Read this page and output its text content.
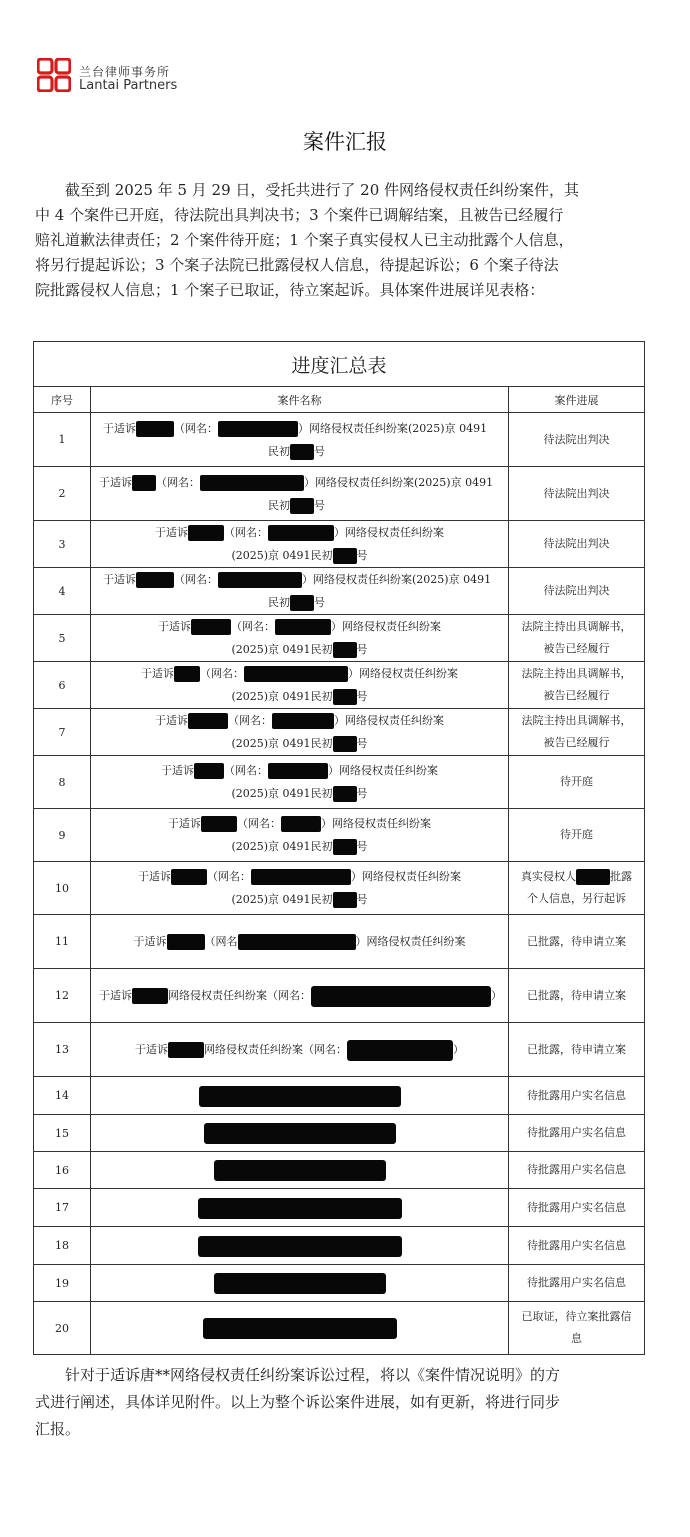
兰台律师事务所
Lantai Partners
案件汇报

　　截至到 2025 年 5 月 29 日，受托共进行了 20 件网络侵权责任纠纷案件，其
中 4 个案件已开庭，待法院出具判决书；3 个案件已调解结案，且被告已经履行
赔礼道歉法律责任；2 个案件待开庭；1 个案子真实侵权人已主动批露个人信息，
将另行提起诉讼；3 个案子法院已批露侵权人信息，待提起诉讼；6 个案子待法
院批露侵权人信息；1 个案子已取证，待立案起诉。具体案件进展详见表格：

进度汇总表		
序号	案件名称	案件进展
1	于适诉 （网名： ）网络侵权责任纠纷案(2025)京 0491
民初 号	待法院出判决

2	于适诉 （网名： ）网络侵权责任纠纷案(2025)京 0491
民初 号	待法院出判决

3	于适诉 （网名： ）网络侵权责任纠纷案
(2025)京 0491民初 号	待法院出判决

4	于适诉 （网名： ）网络侵权责任纠纷案(2025)京 0491
民初 号	待法院出判决

5	于适诉 （网名： ）网络侵权责任纠纷案
(2025)京 0491民初 号	法院主持出具调解书，
被告已经履行

6	于适诉 （网名： ）网络侵权责任纠纷案
(2025)京 0491民初 号	法院主持出具调解书，
被告已经履行

7	于适诉 （网名： ）网络侵权责任纠纷案
(2025)京 0491民初 号	法院主持出具调解书，
被告已经履行

8	于适诉 （网名： ）网络侵权责任纠纷案
(2025)京 0491民初 号	待开庭

9	于适诉 （网名： ）网络侵权责任纠纷案
(2025)京 0491民初 号	待开庭

10	于适诉 （网名： ）网络侵权责任纠纷案
(2025)京 0491民初 号	真实侵权人 批露
个人信息，另行起诉

11	于适诉 （网名 ）网络侵权责任纠纷案	已批露，待申请立案

12	于适诉 网络侵权责任纠纷案（网名： ）	已批露，待申请立案

13	于适诉 网络侵权责任纠纷案（网名： ）	已批露，待申请立案

14		待批露用户实名信息

15		待批露用户实名信息

16		待批露用户实名信息

17		待批露用户实名信息

18		待批露用户实名信息

19		待批露用户实名信息

20		已取证，待立案批露信
息

　　针对于适诉唐**网络侵权责任纠纷案诉讼过程，将以《案件情况说明》的方
式进行阐述，具体详见附件。以上为整个诉讼案件进展，如有更新，将进行同步
汇报。
